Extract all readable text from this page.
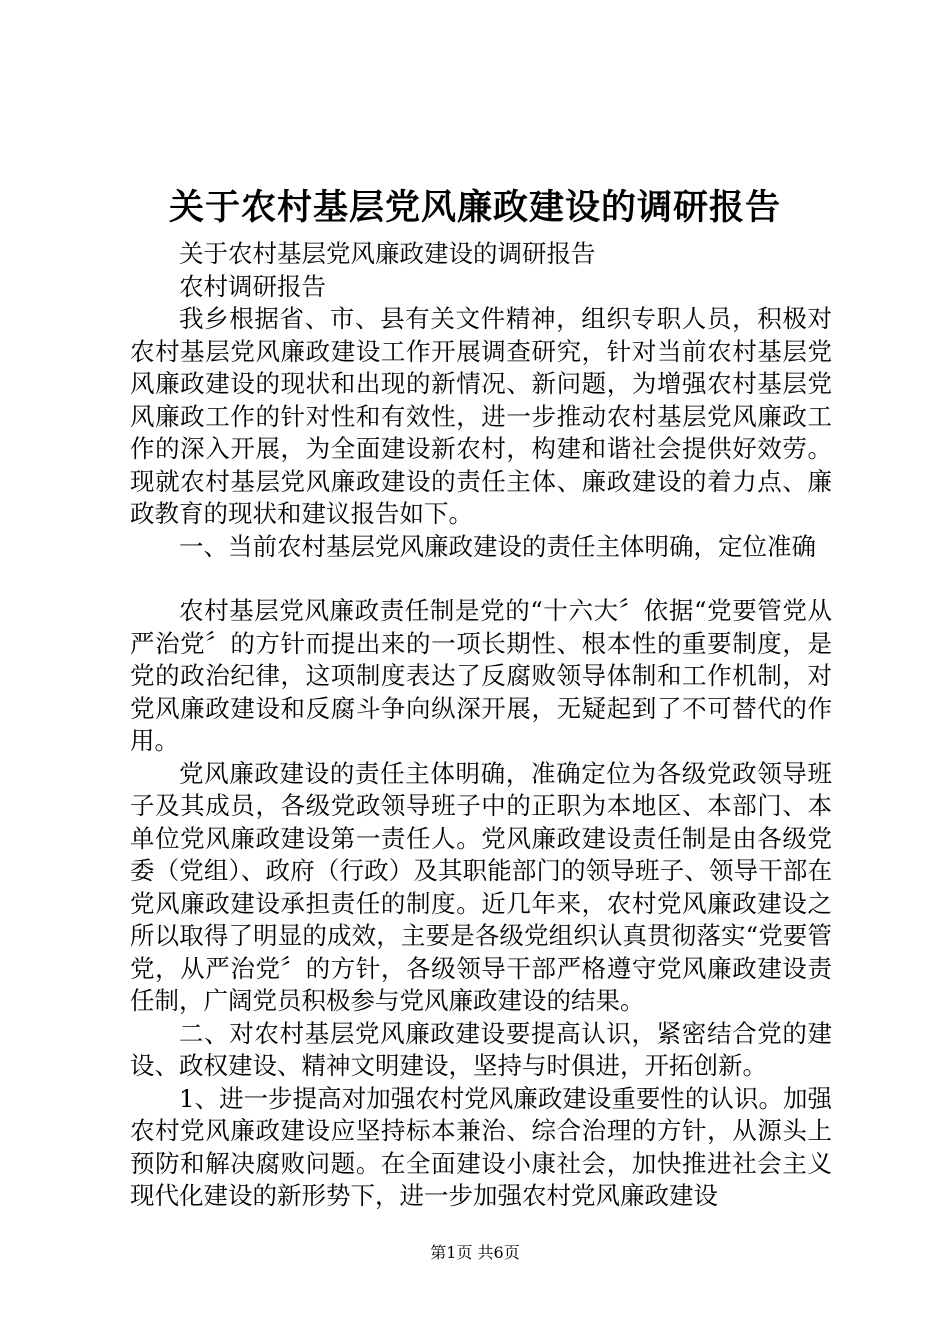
关于农村基层党风廉政建设的调研报告

关于农村基层党风廉政建设的调研报告

农村调研报告

我乡根据省、市、县有关文件精神，组织专职人员，积极对农村基层党风廉政建设工作开展调查研究，针对当前农村基层党风廉政建设的现状和出现的新情况、新问题，为增强农村基层党风廉政工作的针对性和有效性，进一步推动农村基层党风廉政工作的深入开展，为全面建设新农村，构建和谐社会提供好效劳。现就农村基层党风廉政建设的责任主体、廉政建设的着力点、廉政教育的现状和建议报告如下。

一、当前农村基层党风廉政建设的责任主体明确，定位准确

农村基层党风廉政责任制是党的“十六大〞依据“党要管党从严治党〞的方针而提出来的一项长期性、根本性的重要制度，是党的政治纪律，这项制度表达了反腐败领导体制和工作机制，对党风廉政建设和反腐斗争向纵深开展，无疑起到了不可替代的作用。

党风廉政建设的责任主体明确，准确定位为各级党政领导班子及其成员，各级党政领导班子中的正职为本地区、本部门、本单位党风廉政建设第一责任人。党风廉政建设责任制是由各级党委（党组）、政府（行政）及其职能部门的领导班子、领导干部在党风廉政建设承担责任的制度。近几年来，农村党风廉政建设之所以取得了明显的成效，主要是各级党组织认真贯彻落实“党要管党，从严治党〞的方针，各级领导干部严格遵守党风廉政建设责任制，广阔党员积极参与党风廉政建设的结果。

二、对农村基层党风廉政建设要提高认识，紧密结合党的建设、政权建设、精神文明建设，坚持与时俱进，开拓创新。

1、进一步提高对加强农村党风廉政建设重要性的认识。加强农村党风廉政建设应坚持标本兼治、综合治理的方针，从源头上预防和解决腐败问题。在全面建设小康社会，加快推进社会主义现代化建设的新形势下，进一步加强农村党风廉政建设

第1页 共6页
